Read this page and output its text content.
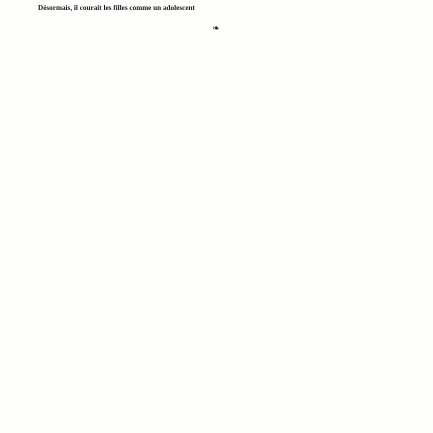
Désormais, il courait les filles comme un adolescent

❧
